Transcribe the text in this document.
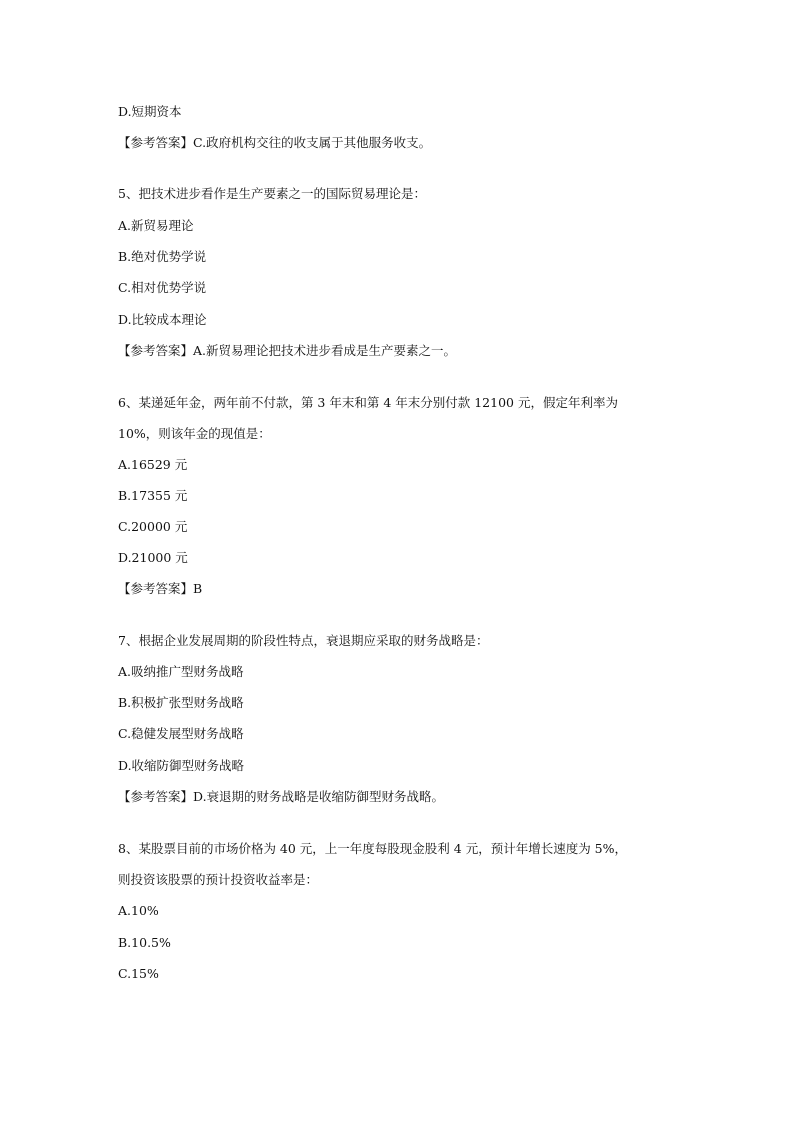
D.短期资本
【参考答案】C.政府机构交往的收支属于其他服务收支。
5、把技术进步看作是生产要素之一的国际贸易理论是：
A.新贸易理论
B.绝对优势学说
C.相对优势学说
D.比较成本理论
【参考答案】A.新贸易理论把技术进步看成是生产要素之一。
6、某递延年金，两年前不付款，第 3 年末和第 4 年末分别付款 12100 元，假定年利率为
10%，则该年金的现值是：
A.16529 元
B.17355 元
C.20000 元
D.21000 元
【参考答案】B
7、根据企业发展周期的阶段性特点，衰退期应采取的财务战略是：
A.吸纳推广型财务战略
B.积极扩张型财务战略
C.稳健发展型财务战略
D.收缩防御型财务战略
【参考答案】D.衰退期的财务战略是收缩防御型财务战略。
8、某股票目前的市场价格为 40 元，上一年度每股现金股利 4 元，预计年增长速度为 5%，
则投资该股票的预计投资收益率是：
A.10%
B.10.5%
C.15%
